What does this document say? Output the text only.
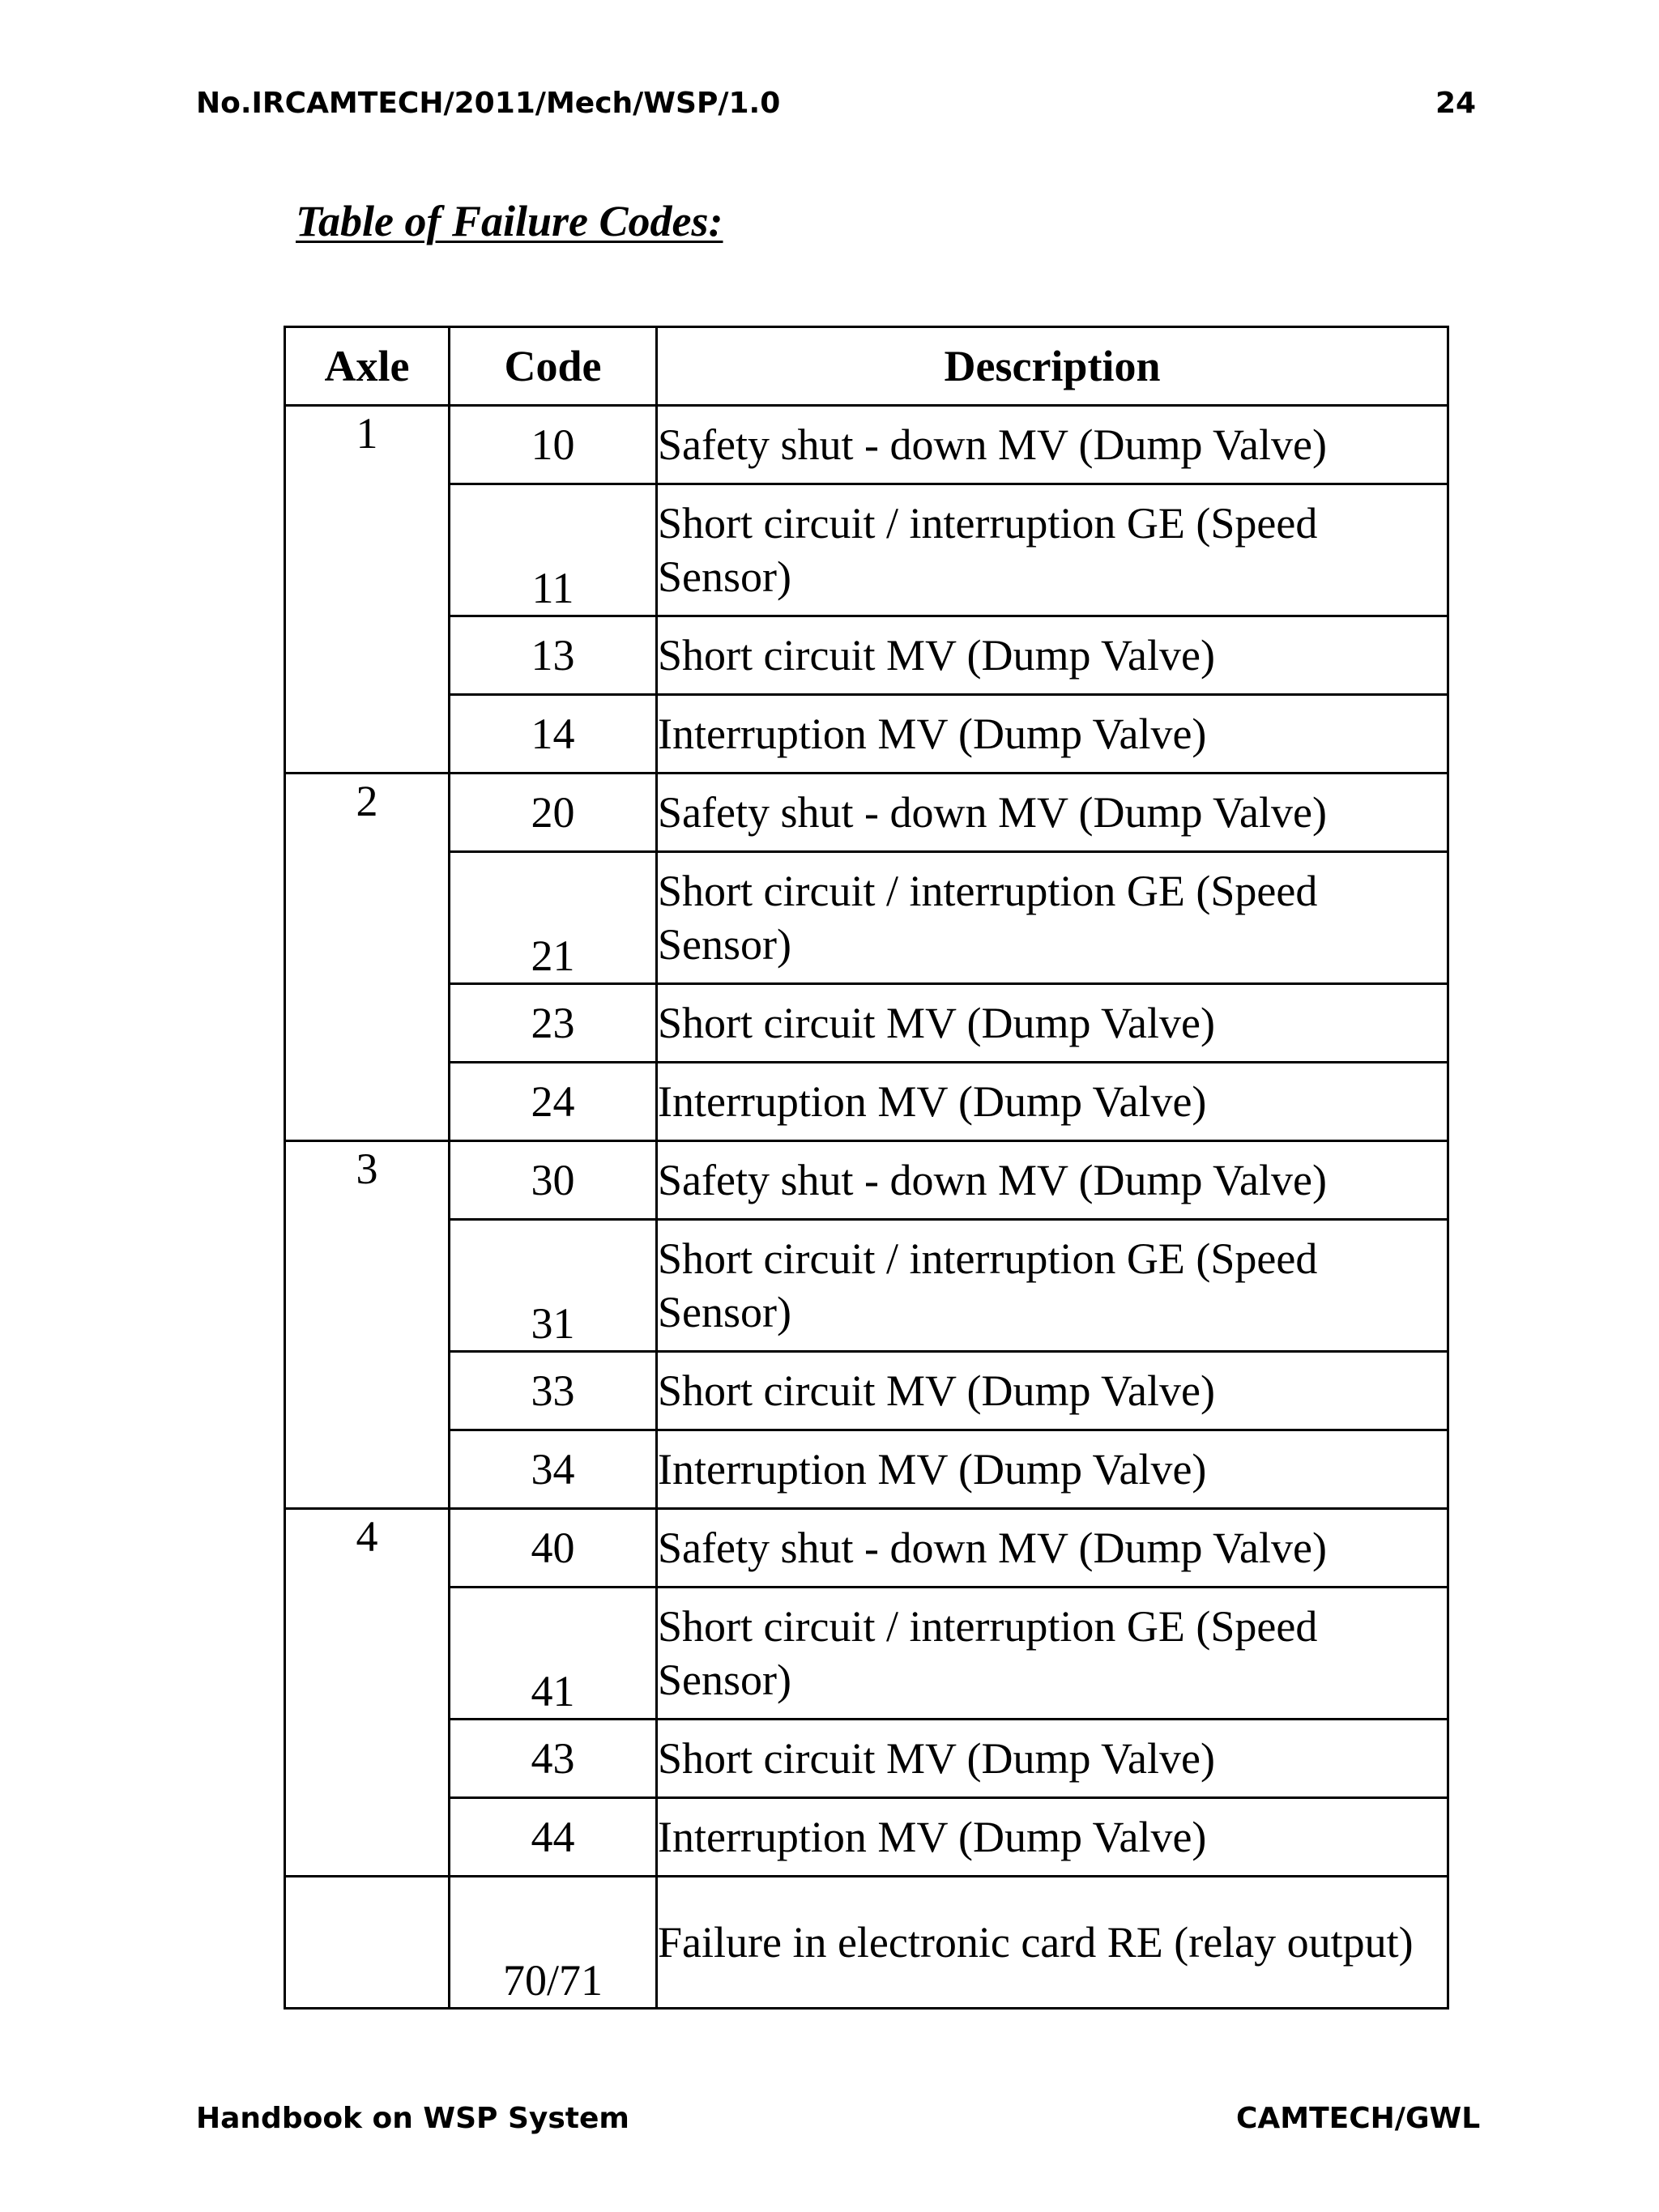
No.IRCAMTECH/2011/Mech/WSP/1.0	24
Table of Failure Codes:
Axle	Code	Description
1	10	Safety shut - down MV (Dump Valve)
	11	Short circuit / interruption GE (Speed Sensor)
	13	Short circuit MV (Dump Valve)
	14	Interruption MV (Dump Valve)
2	20	Safety shut - down MV (Dump Valve)
	21	Short circuit / interruption GE (Speed Sensor)
	23	Short circuit MV (Dump Valve)
	24	Interruption MV (Dump Valve)
3	30	Safety shut - down MV (Dump Valve)
	31	Short circuit / interruption GE (Speed Sensor)
	33	Short circuit MV (Dump Valve)
	34	Interruption MV (Dump Valve)
4	40	Safety shut - down MV (Dump Valve)
	41	Short circuit / interruption GE (Speed Sensor)
	43	Short circuit MV (Dump Valve)
	44	Interruption MV (Dump Valve)
	70/71	Failure in electronic card RE (relay output)
Handbook on WSP System	CAMTECH/GWL
